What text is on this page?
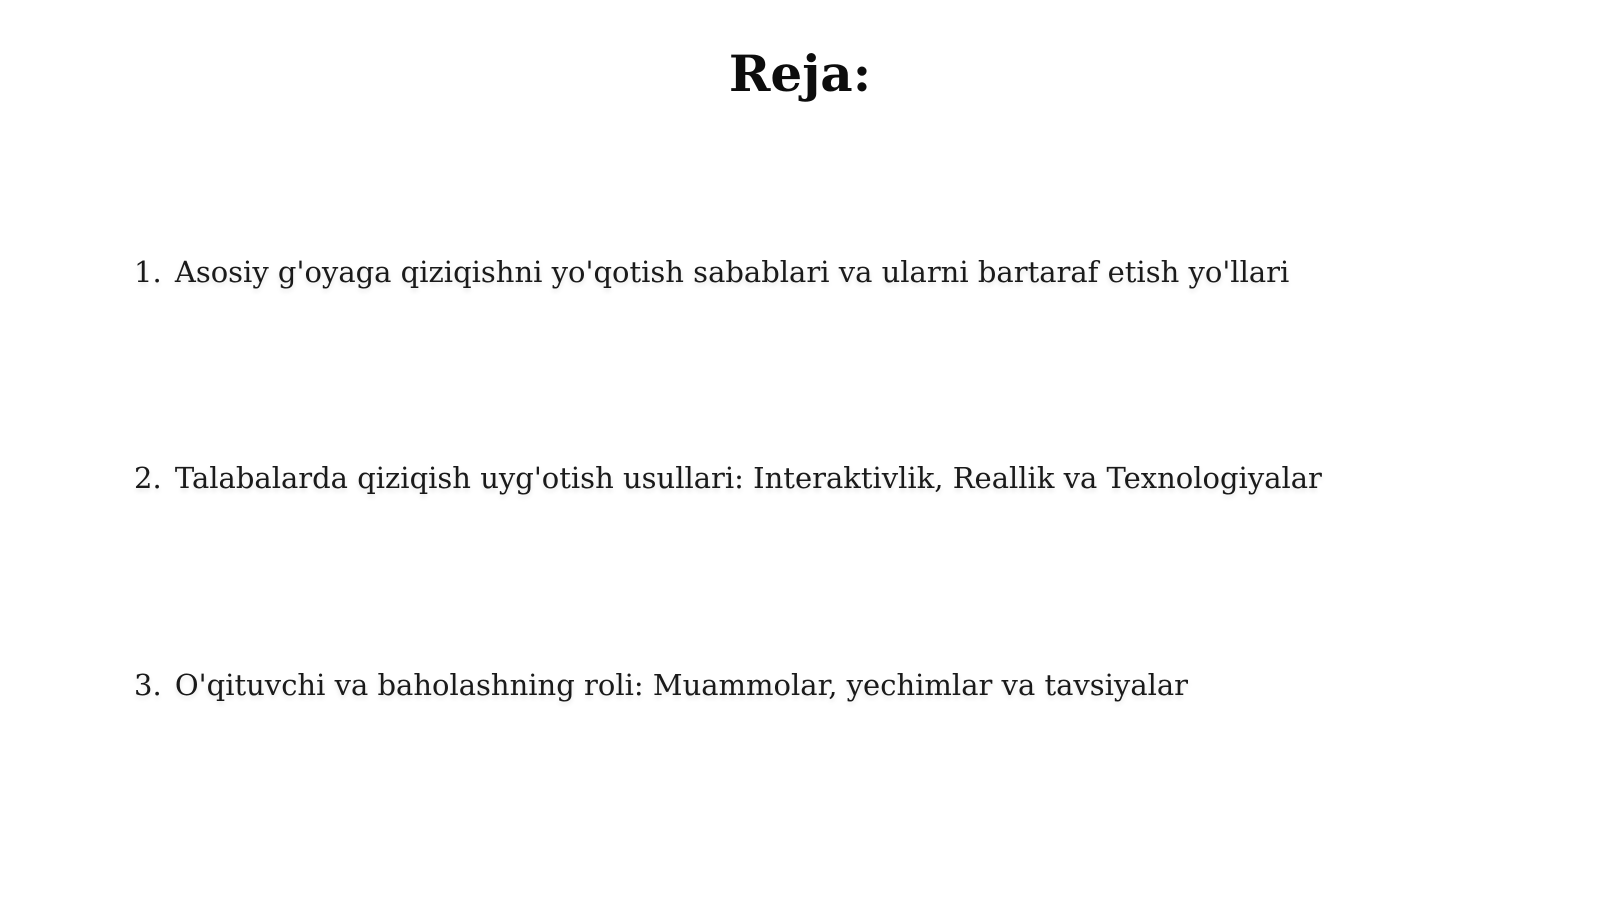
Reja:
1. Asosiy g'oyaga qiziqishni yo'qotish sabablari va ularni bartaraf etish yo'llari
2. Talabalarda qiziqish uyg'otish usullari: Interaktivlik, Reallik va Texnologiyalar
3. O'qituvchi va baholashning roli: Muammolar, yechimlar va tavsiyalar
